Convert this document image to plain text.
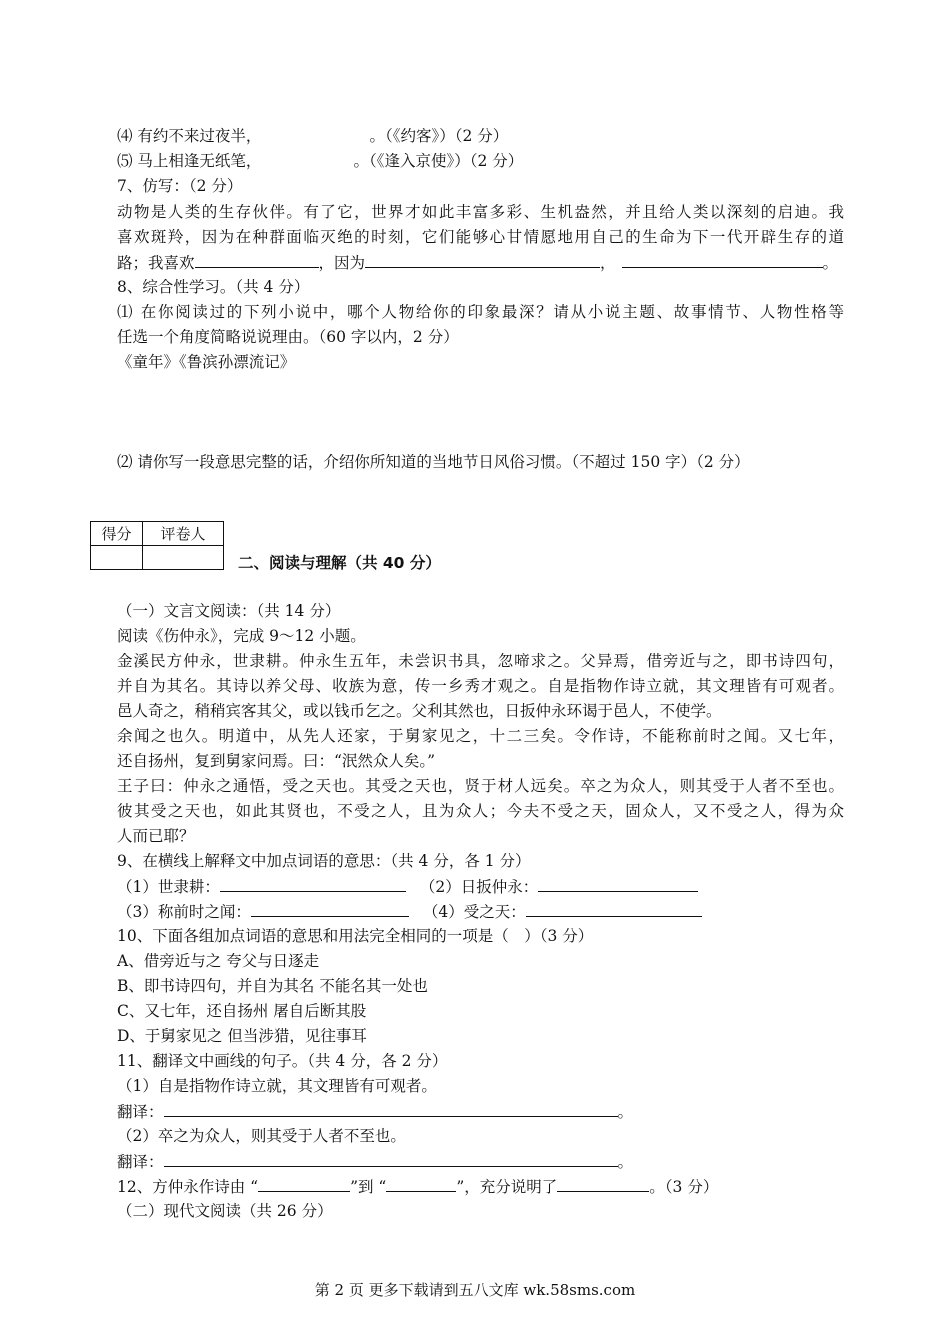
⑷ 有约不来过夜半，	。（《约客》）（2 分）
⑸ 马上相逢无纸笔，	。（《逢入京使》）（2 分）
7、仿写：（2 分）
动物是人类的生存伙伴。有了它，世界才如此丰富多彩、生机盎然，并且给人类以深刻的启迪。我
喜欢斑羚，因为在种群面临灭绝的时刻，它们能够心甘情愿地用自己的生命为下一代开辟生存的道
路；我喜欢	，因为	，	。
8、综合性学习。（共 4 分）
⑴ 在你阅读过的下列小说中，哪个人物给你的印象最深？请从小说主题、故事情节、人物性格等
任选一个角度简略说说理由。（60 字以内，2 分）
《童年》《鲁滨孙漂流记》
⑵ 请你写一段意思完整的话，介绍你所知道的当地节日风俗习惯。（不超过 150 字）（2 分）
得分	评卷人

二、阅读与理解（共 40 分）
（一）文言文阅读：（共 14 分）
阅读《伤仲永》，完成 9～12 小题。
金溪民方仲永，世隶耕。仲永生五年，未尝识书具，忽啼求之。父异焉，借旁近与之，即书诗四句，
并自为其名。其诗以养父母、收族为意，传一乡秀才观之。自是指物作诗立就，其文理皆有可观者。
邑人奇之，稍稍宾客其父，或以钱币乞之。父利其然也，日扳仲永环谒于邑人，不使学。
余闻之也久。明道中，从先人还家，于舅家见之，十二三矣。令作诗，不能称前时之闻。又七年，
还自扬州，复到舅家问焉。曰：“泯然众人矣。”
王子曰：仲永之通悟，受之天也。其受之天也，贤于材人远矣。卒之为众人，则其受于人者不至也。
彼其受之天也，如此其贤也，不受之人，且为众人；今夫不受之天，固众人，又不受之人，得为众
人而已耶？
9、在横线上解释文中加点词语的意思：（共 4 分，各 1 分）
（1）世隶耕：	（2）日扳仲永：
（3）称前时之闻：	（4）受之天：
10、下面各组加点词语的意思和用法完全相同的一项是（　）（3 分）
A、借旁近与之 夸父与日逐走
B、即书诗四句，并自为其名 不能名其一处也
C、又七年，还自扬州 屠自后断其股
D、于舅家见之 但当涉猎，见往事耳
11、翻译文中画线的句子。（共 4 分，各 2 分）
（1）自是指物作诗立就，其文理皆有可观者。
翻译：	。
（2）卒之为众人，则其受于人者不至也。
翻译：	。
12、方仲永作诗由 “	”到 “	”，充分说明了	。（3 分）
（二）现代文阅读（共 26 分）
第 2 页 更多下载请到五八文库 wk.58sms.com
